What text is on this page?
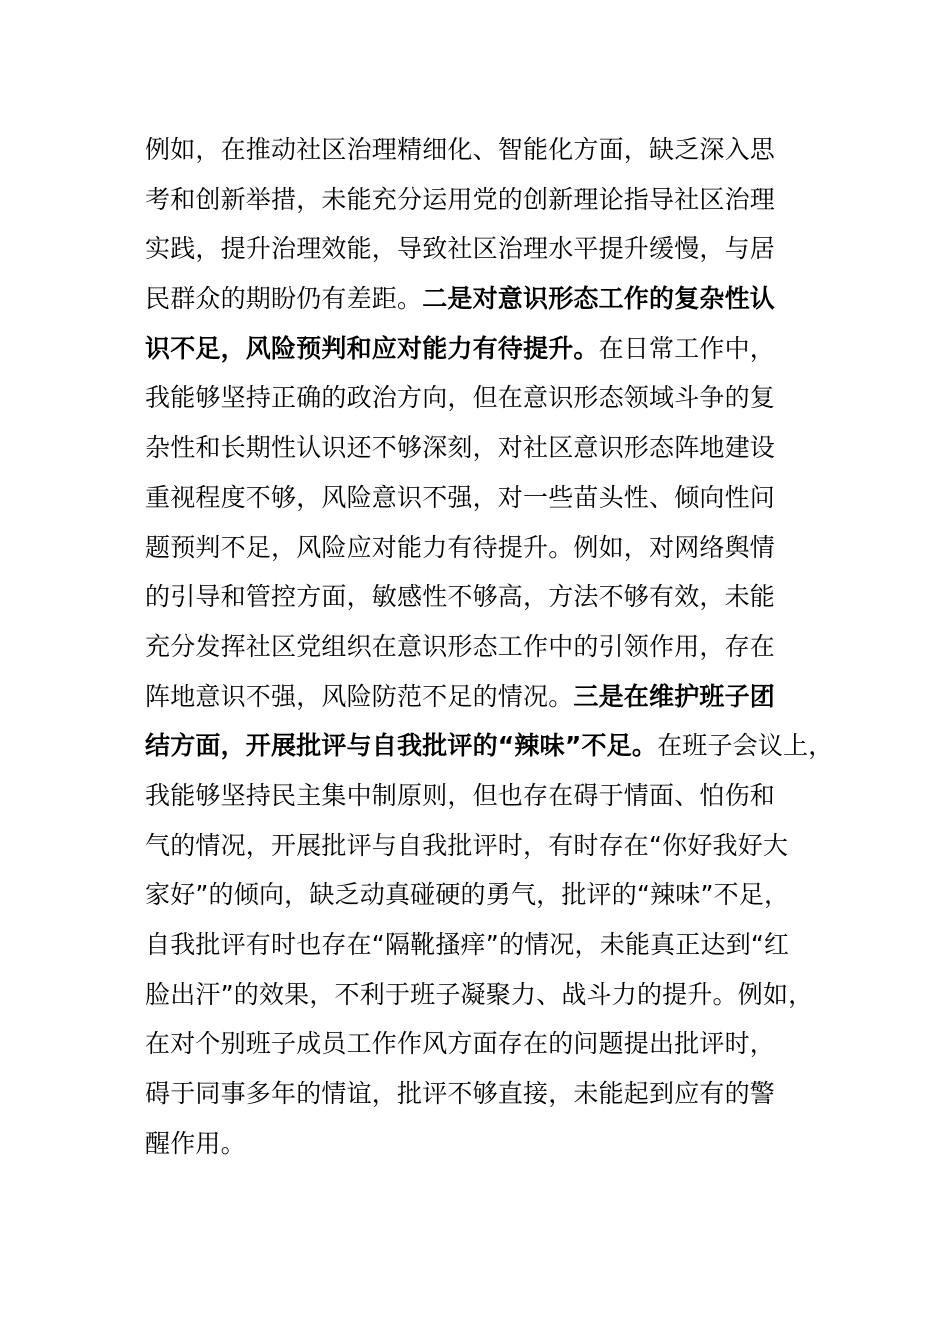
例如，在推动社区治理精细化、智能化方面，缺乏深入思
考和创新举措，未能充分运用党的创新理论指导社区治理
实践，提升治理效能，导致社区治理水平提升缓慢，与居
民群众的期盼仍有差距。二是对意识形态工作的复杂性认
识不足，风险预判和应对能力有待提升。在日常工作中，
我能够坚持正确的政治方向，但在意识形态领域斗争的复
杂性和长期性认识还不够深刻，对社区意识形态阵地建设
重视程度不够，风险意识不强，对一些苗头性、倾向性问
题预判不足，风险应对能力有待提升。例如，对网络舆情
的引导和管控方面，敏感性不够高，方法不够有效，未能
充分发挥社区党组织在意识形态工作中的引领作用，存在
阵地意识不强，风险防范不足的情况。三是在维护班子团
结方面，开展批评与自我批评的“辣味”不足。在班子会议上，
我能够坚持民主集中制原则，但也存在碍于情面、怕伤和
气的情况，开展批评与自我批评时，有时存在“你好我好大
家好”的倾向，缺乏动真碰硬的勇气，批评的“辣味”不足，
自我批评有时也存在“隔靴搔痒”的情况，未能真正达到“红
脸出汗”的效果，不利于班子凝聚力、战斗力的提升。例如，
在对个别班子成员工作作风方面存在的问题提出批评时，
碍于同事多年的情谊，批评不够直接，未能起到应有的警
醒作用。
